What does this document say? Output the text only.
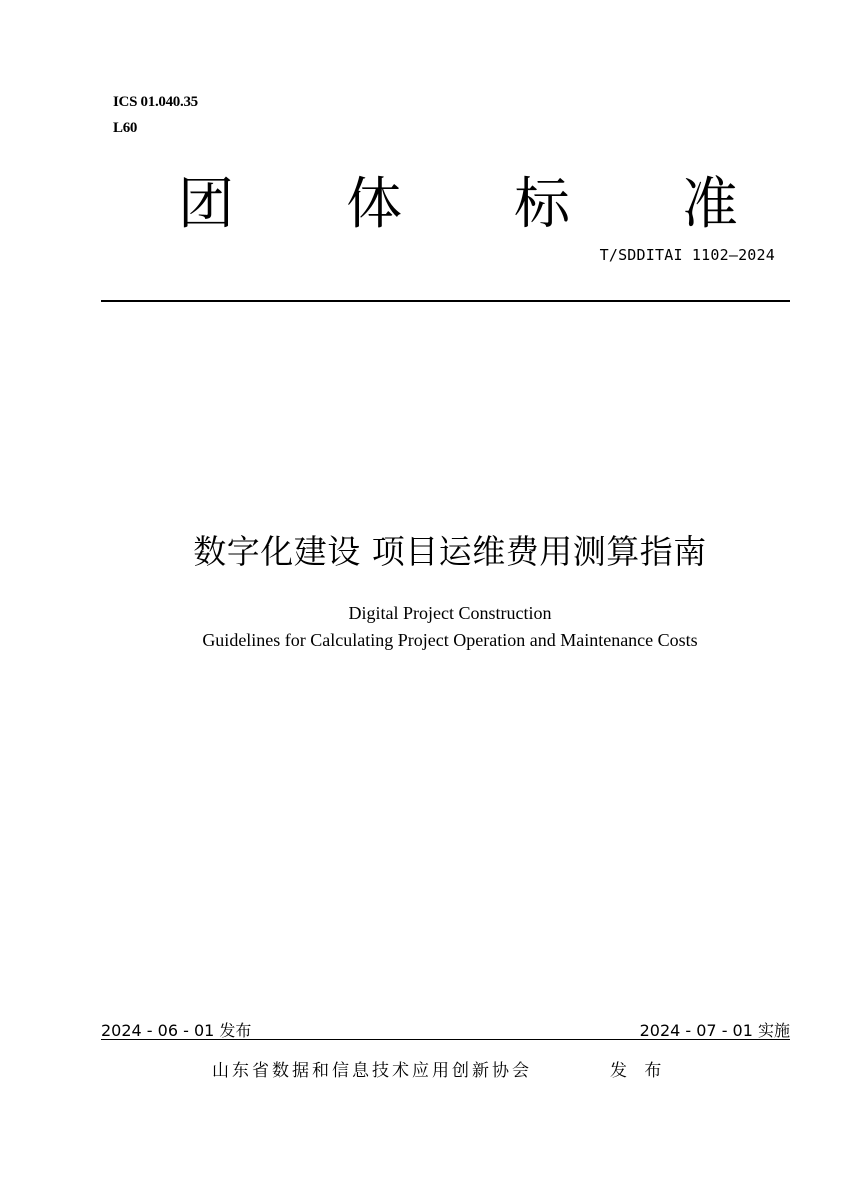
ICS 01.040.35
L60
团 体 标 准
T/SDDITAI 1102—2024
数字化建设 项目运维费用测算指南
Digital Project Construction
Guidelines for Calculating Project Operation and Maintenance Costs
2024 - 06 - 01 发布	2024 - 07 - 01 实施
山东省数据和信息技术应用创新协会	发 布
